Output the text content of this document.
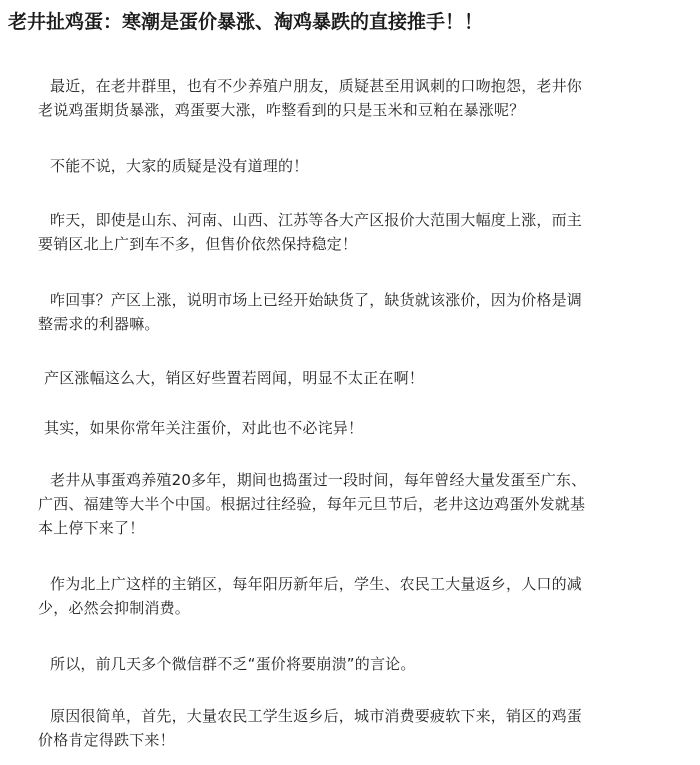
老井扯鸡蛋：寒潮是蛋价暴涨、淘鸡暴跌的直接推手！！
最近，在老井群里，也有不少养殖户朋友，质疑甚至用讽刺的口吻抱怨，老井你
老说鸡蛋期货暴涨，鸡蛋要大涨，咋整看到的只是玉米和豆粕在暴涨呢？
不能不说，大家的质疑是没有道理的！
昨天，即使是山东、河南、山西、江苏等各大产区报价大范围大幅度上涨，而主
要销区北上广到车不多，但售价依然保持稳定！
咋回事？产区上涨，说明市场上已经开始缺货了，缺货就该涨价，因为价格是调
整需求的利器嘛。
产区涨幅这么大，销区好些置若罔闻，明显不太正在啊！
其实，如果你常年关注蛋价，对此也不必诧异！
老井从事蛋鸡养殖20多年，期间也捣蛋过一段时间，每年曾经大量发蛋至广东、
广西、福建等大半个中国。根据过往经验，每年元旦节后，老井这边鸡蛋外发就基
本上停下来了！
作为北上广这样的主销区，每年阳历新年后，学生、农民工大量返乡，人口的减
少，必然会抑制消费。
所以，前几天多个微信群不乏“蛋价将要崩溃”的言论。
原因很简单，首先，大量农民工学生返乡后，城市消费要疲软下来，销区的鸡蛋
价格肯定得跌下来！
